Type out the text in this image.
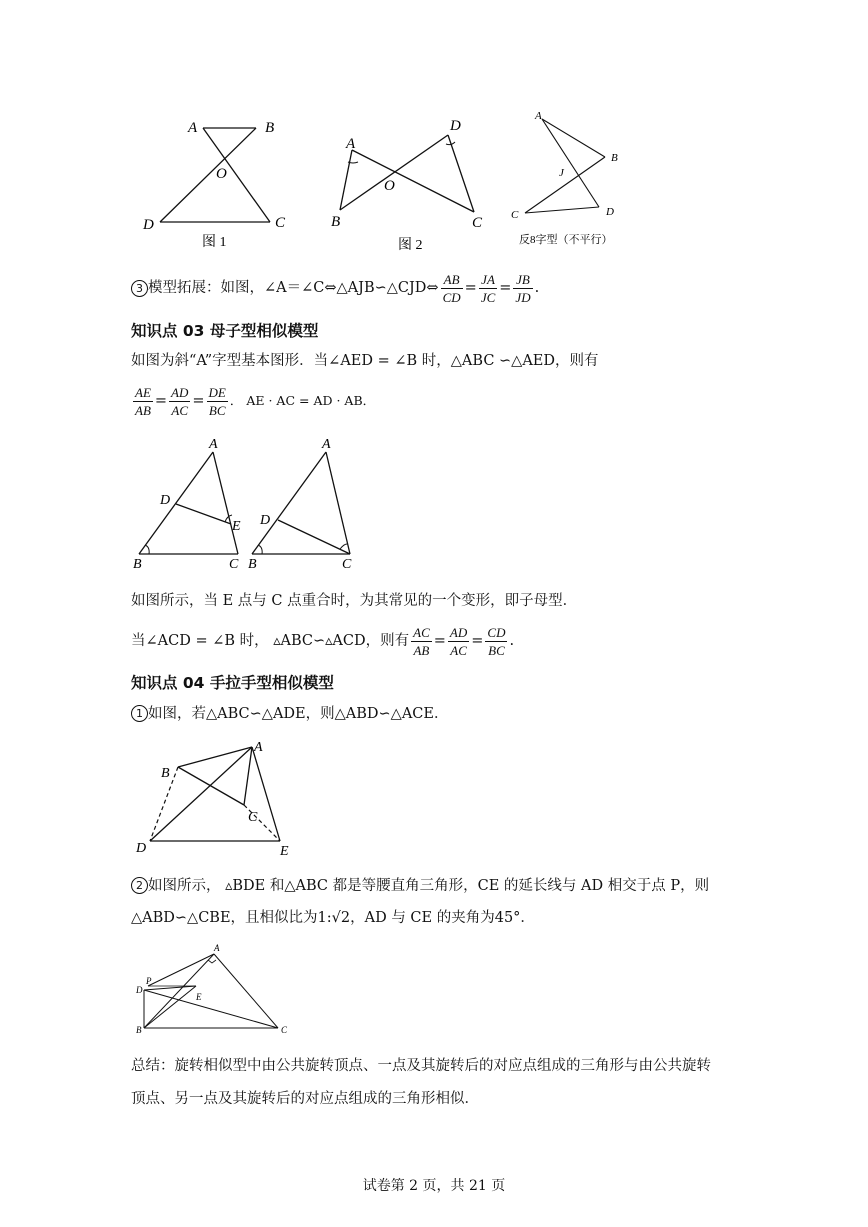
A	B
O
D	C
图 1
A
D
O
B	C
图 2
A
B
J
C	D
反8字型（不平行）
3 模型拓展：如图，∠A＝∠C⇔△AJB∽△CJD⇔ $\frac{AB}{CD} = \frac{JA}{JC} = \frac{JB}{JD}$ .
知识点 03 母子型相似模型
如图为斜“A”字型基本图形．当∠AED = ∠B 时，△ABC ∽△AED，则有
$\frac{AE}{AB} = \frac{AD}{AC} = \frac{DE}{BC}$ ． AE · AC = AD · AB．
A
D
E
B	C
A
D
B	C
如图所示，当 E 点与 C 点重合时，为其常见的一个变形，即子母型．
当∠ACD = ∠B 时， ▵ABC∽▵ACD，则有 $\frac{AC}{AB} = \frac{AD}{AC} = \frac{CD}{BC}$ .
知识点 04 手拉手型相似模型
1 如图，若△ABC∽△ADE，则△ABD∽△ACE．
A
B
C
D	E
2 如图所示， ▵BDE 和△ABC 都是等腰直角三角形，CE 的延长线与 AD 相交于点 P，则
△ABD∽△CBE，且相似比为1:√2，AD 与 CE 的夹角为45°．
A
P
D
E
B	C
总结：旋转相似型中由公共旋转顶点、一点及其旋转后的对应点组成的三角形与由公共旋转
顶点、另一点及其旋转后的对应点组成的三角形相似．
试卷第 2 页，共 21 页
